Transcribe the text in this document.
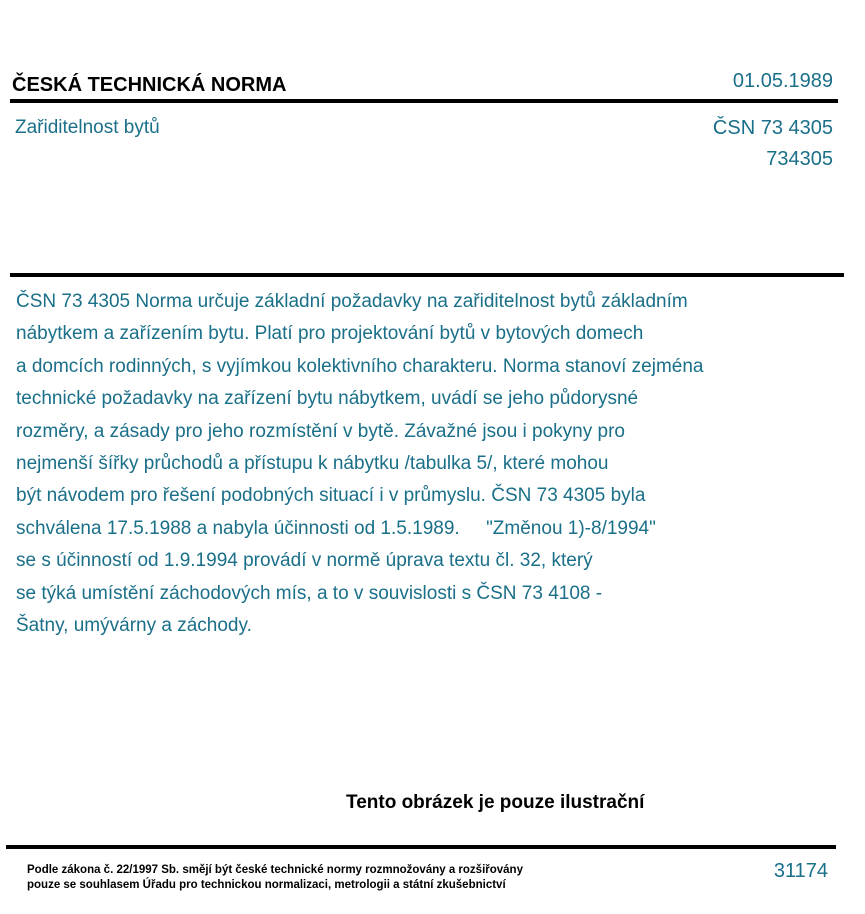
ČESKÁ TECHNICKÁ NORMA	01.05.1989
Zařiditelnost bytů	ČSN 73 4305
734305

ČSN 73 4305 Norma určuje základní požadavky na zařiditelnost bytů základním
nábytkem a zařízením bytu. Platí pro projektování bytů v bytových domech
a domcích rodinných, s vyjímkou kolektivního charakteru. Norma stanoví zejména
technické požadavky na zařízení bytu nábytkem, uvádí se jeho půdorysné
rozměry, a zásady pro jeho rozmístění v bytě. Závažné jsou i pokyny pro
nejmenší šířky průchodů a přístupu k nábytku /tabulka 5/, které mohou
být návodem pro řešení podobných situací i v průmyslu. ČSN 73 4305 byla
schválena 17.5.1988 a nabyla účinnosti od 1.5.1989.     "Změnou 1)-8/1994"
se s účinností od 1.9.1994 provádí v normě úprava textu čl. 32, který
se týká umístění záchodových mís, a to v souvislosti s ČSN 73 4108 -
Šatny, umývárny a záchody.

Tento obrázek je pouze ilustrační
Podle zákona č. 22/1997 Sb. smějí být české technické normy rozmnožovány a rozšiřovány
pouze se souhlasem Úřadu pro technickou normalizaci, metrologii a státní zkušebnictví
31174
